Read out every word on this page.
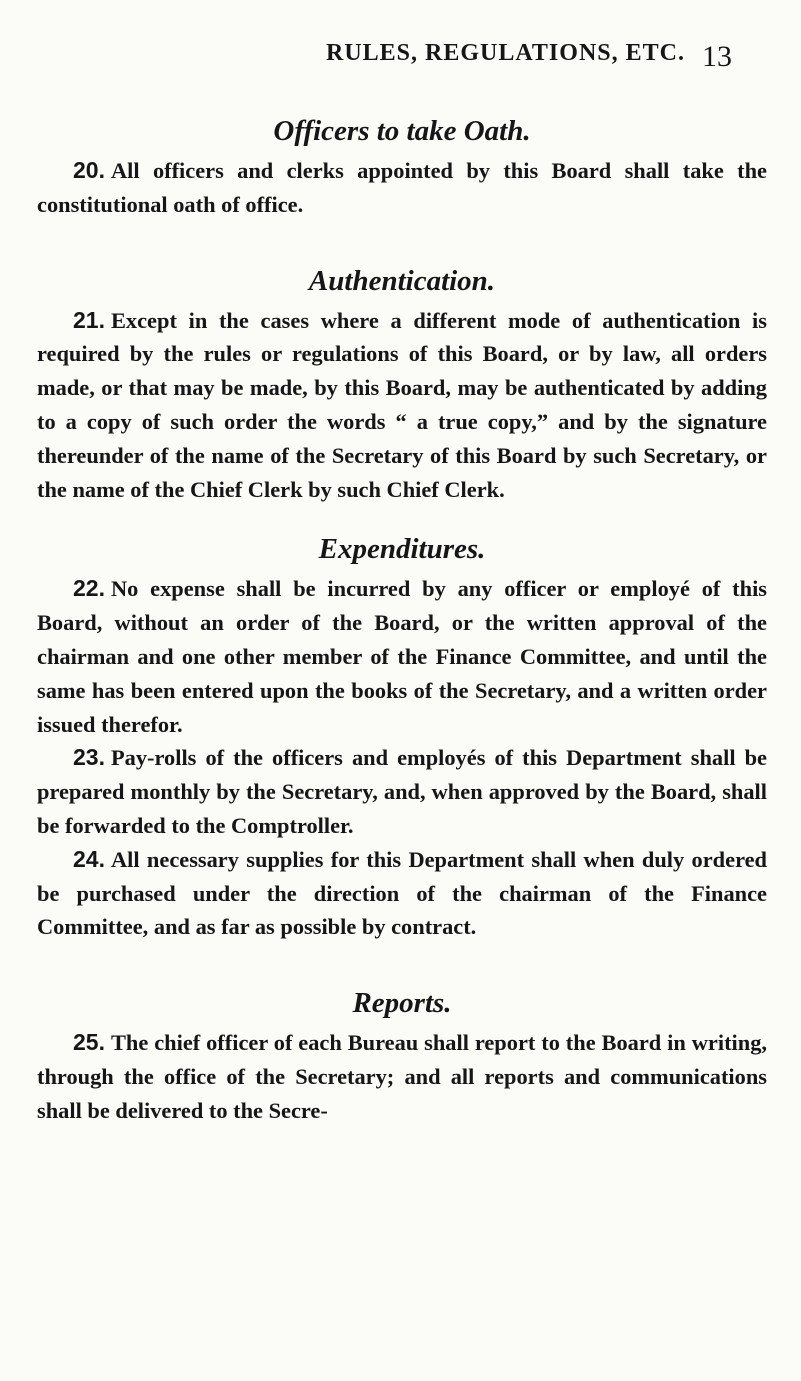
RULES, REGULATIONS, ETC. 13
Officers to take Oath.

20. All officers and clerks appointed by this Board shall take the constitutional oath of office.

Authentication.

21. Except in the cases where a different mode of authentication is required by the rules or regulations of this Board, or by law, all orders made, or that may be made, by this Board, may be authenticated by adding to a copy of such order the words “ a true copy,” and by the signature thereunder of the name of the Secretary of this Board by such Secretary, or the name of the Chief Clerk by such Chief Clerk.

Expenditures.

22. No expense shall be incurred by any officer or employé of this Board, without an order of the Board, or the written approval of the chairman and one other member of the Finance Committee, and until the same has been entered upon the books of the Secretary, and a written order issued therefor.

23. Pay-rolls of the officers and employés of this Department shall be prepared monthly by the Secretary, and, when approved by the Board, shall be forwarded to the Comptroller.

24. All necessary supplies for this Department shall when duly ordered be purchased under the direction of the chairman of the Finance Committee, and as far as possible by contract.

Reports.

25. The chief officer of each Bureau shall report to the Board in writing, through the office of the Secretary; and all reports and communications shall be delivered to the Secre-
